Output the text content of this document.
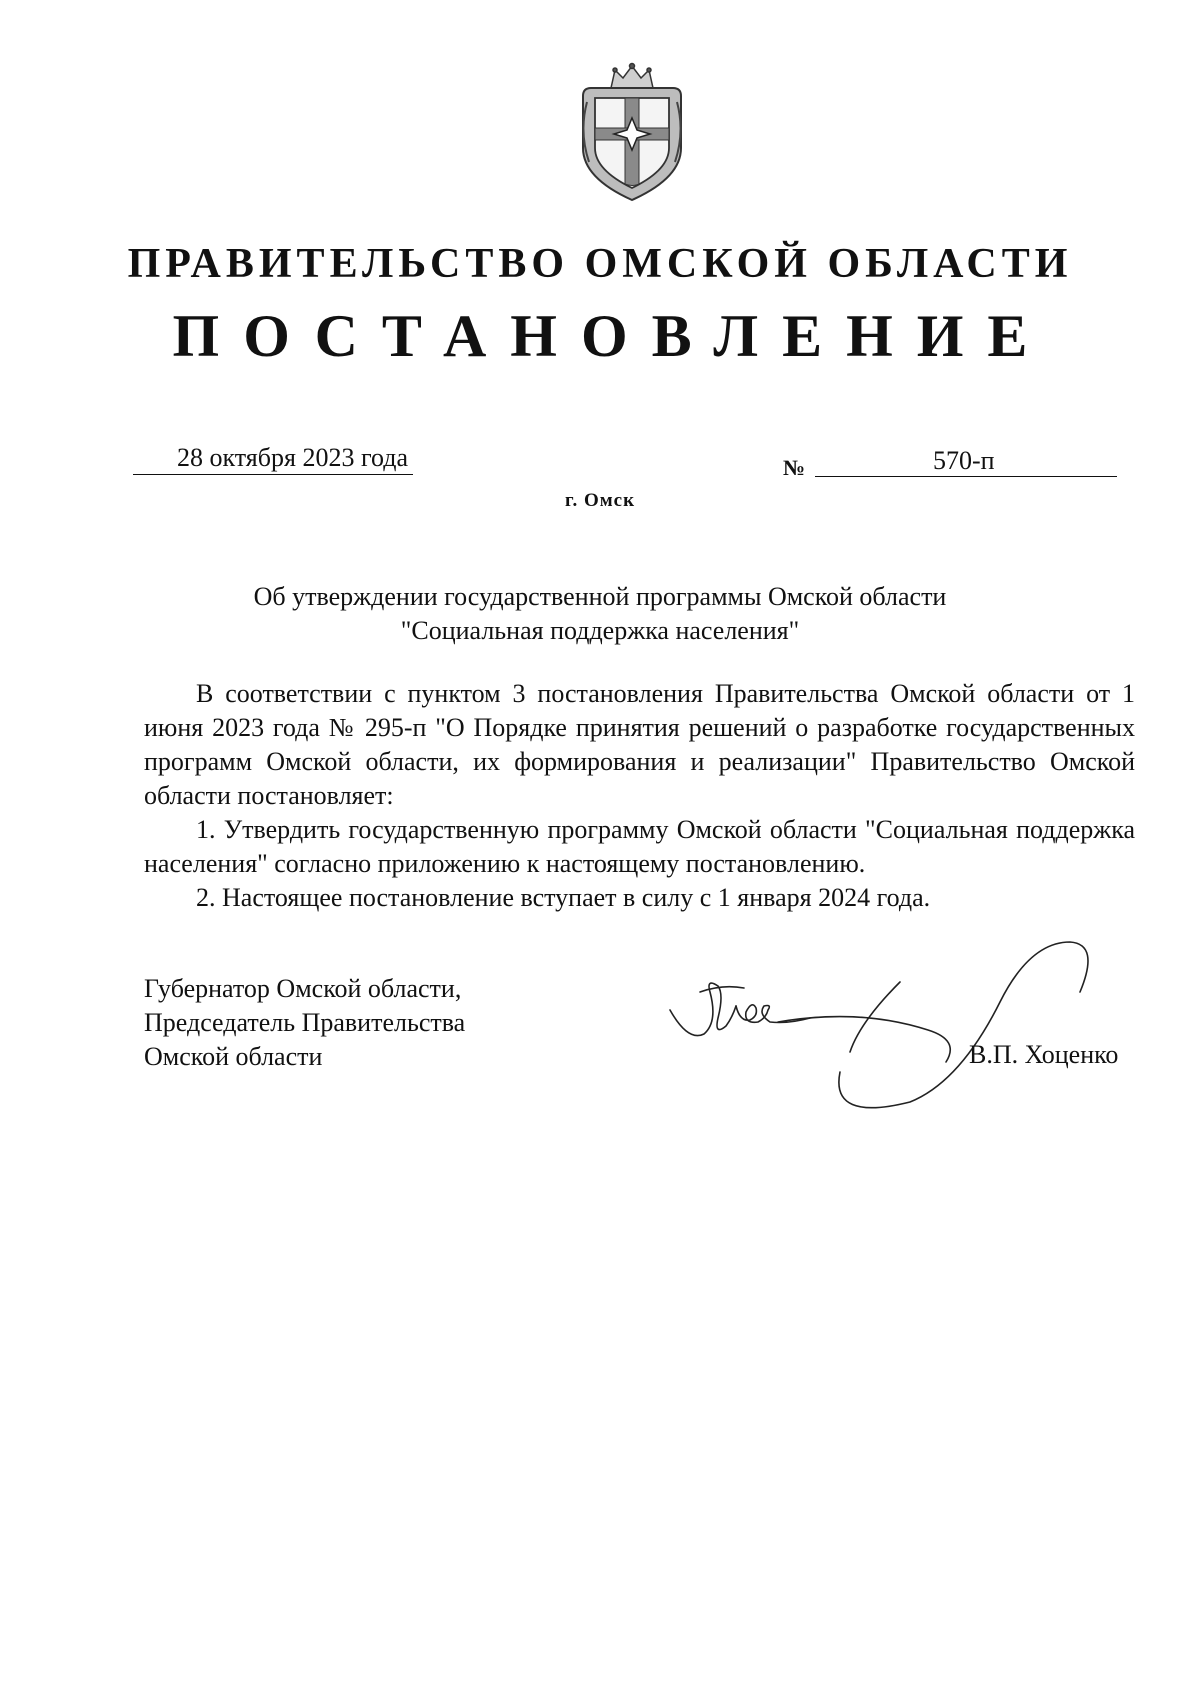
ПРАВИТЕЛЬСТВО ОМСКОЙ ОБЛАСТИ
ПОСТАНОВЛЕНИЕ
28 октября 2023 года	№	570-п
г. Омск
Об утверждении государственной программы Омской области
"Социальная поддержка населения"

В соответствии с пунктом 3 постановления Правительства Омской области от 1 июня 2023 года № 295-п "О Порядке принятия решений о разработке государственных программ Омской области, их формирования и реализации" Правительство Омской области постановляет:

1. Утвердить государственную программу Омской области "Социальная поддержка населения" согласно приложению к настоящему постановлению.

2. Настоящее постановление вступает в силу с 1 января 2024 года.

Губернатор Омской области,
Председатель Правительства
Омской области	В.П. Хоценко
